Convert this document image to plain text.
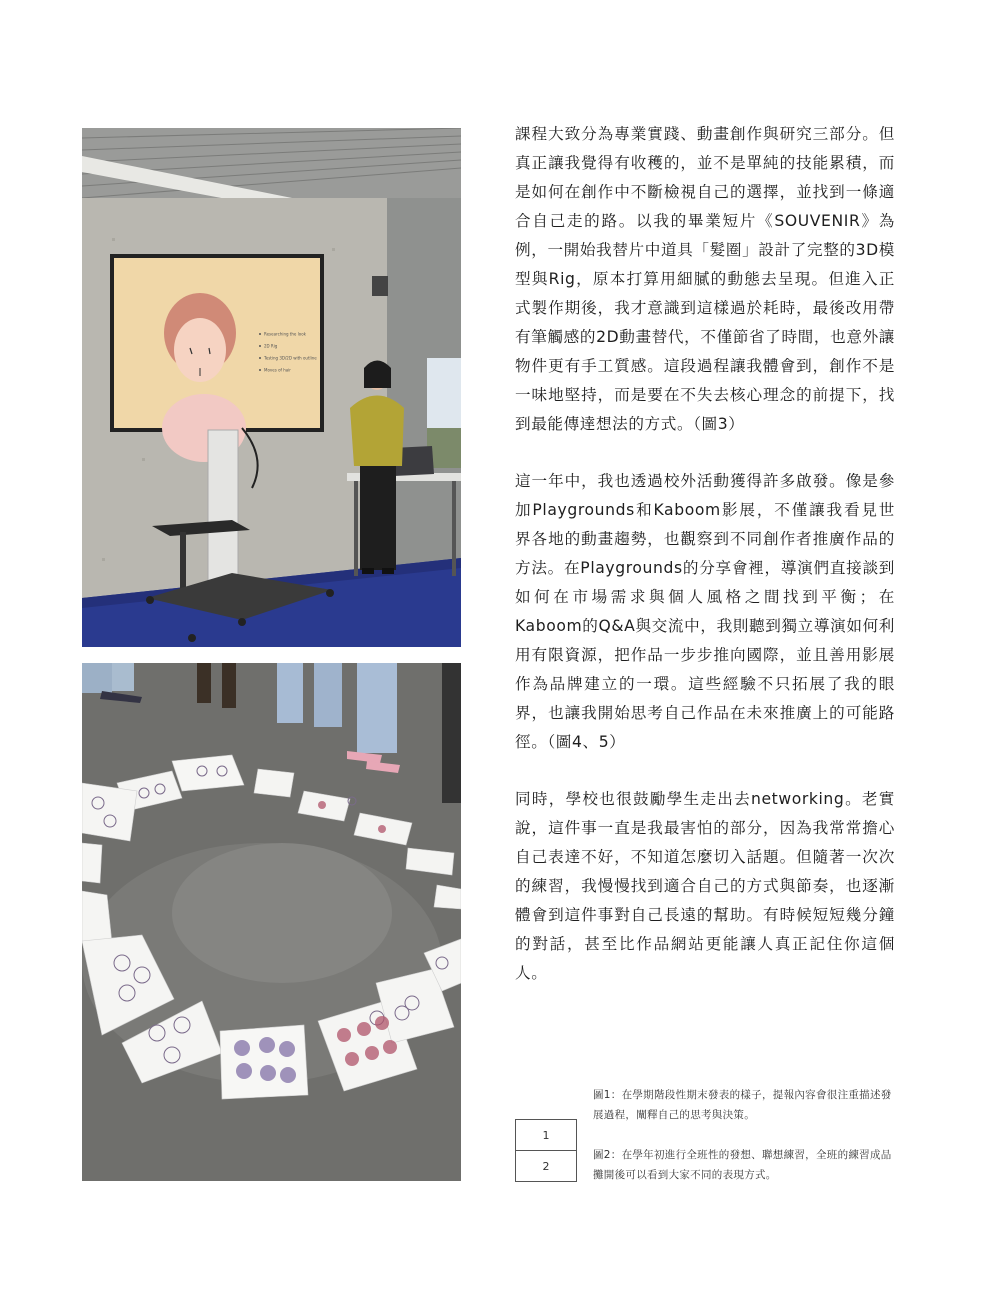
Researching the look
2D Rig
Testing 3D/2D with outline
Moves of hair

課程大致分為專業實踐、動畫創作與研究三部分。但真正讓我覺得有收穫的，並不是單純的技能累積，而是如何在創作中不斷檢視自己的選擇，並找到一條適合自己走的路。以我的畢業短片《SOUVENIR》為例，一開始我替片中道具「髮圈」設計了完整的3D模型與Rig，原本打算用細膩的動態去呈現。但進入正式製作期後，我才意識到這樣過於耗時，最後改用帶有筆觸感的2D動畫替代，不僅節省了時間，也意外讓物件更有手工質感。這段過程讓我體會到，創作不是一味地堅持，而是要在不失去核心理念的前提下，找到最能傳達想法的方式。（圖3）

這一年中，我也透過校外活動獲得許多啟發。像是參加Playgrounds和Kaboom影展，不僅讓我看見世界各地的動畫趨勢，也觀察到不同創作者推廣作品的方法。在Playgrounds的分享會裡，導演們直接談到如何在市場需求與個人風格之間找到平衡；在Kaboom的Q&A與交流中，我則聽到獨立導演如何利用有限資源，把作品一步步推向國際，並且善用影展作為品牌建立的一環。這些經驗不只拓展了我的眼界，也讓我開始思考自己作品在未來推廣上的可能路徑。（圖4、5）

同時，學校也很鼓勵學生走出去networking。老實說，這件事一直是我最害怕的部分，因為我常常擔心自己表達不好，不知道怎麼切入話題。但隨著一次次的練習，我慢慢找到適合自己的方式與節奏，也逐漸體會到這件事對自己長遠的幫助。有時候短短幾分鐘的對話，甚至比作品網站更能讓人真正記住你這個人。

1
2
圖1：在學期階段性期末發表的樣子，提報內容會很注重描述發展過程，闡釋自己的思考與決策。
圖2：在學年初進行全班性的發想、聯想練習，全班的練習成品攤開後可以看到大家不同的表現方式。
